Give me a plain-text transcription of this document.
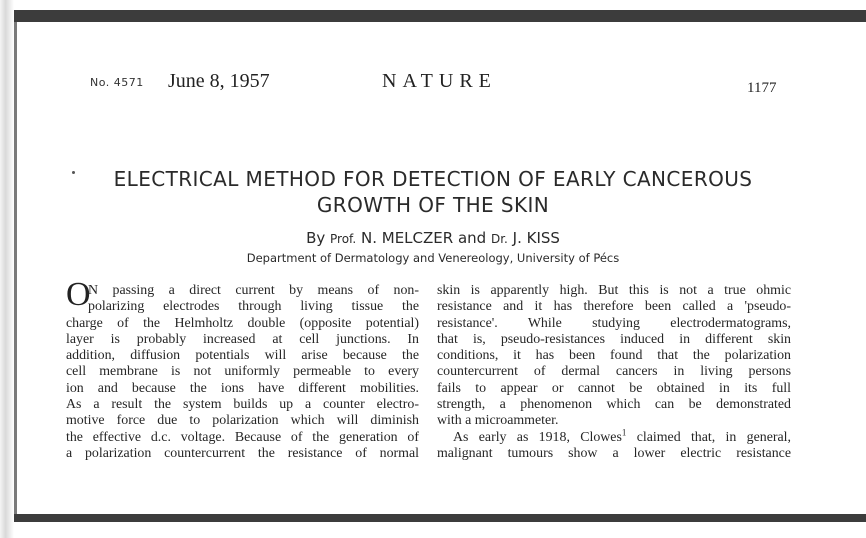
No. 4571 June 8, 1957	NATURE	1177
ELECTRICAL METHOD FOR DETECTION OF EARLY CANCEROUS
GROWTH OF THE SKIN
By Prof. N. MELCZER and Dr. J. KISS
Department of Dermatology and Venereology, University of Pécs
O
N passing a direct current by means of non-
polarizing electrodes through living tissue the
charge of the Helmholtz double (opposite potential)
layer is probably increased at cell junctions. In
addition, diffusion potentials will arise because the
cell membrane is not uniformly permeable to every
ion and because the ions have different mobilities.
As a result the system builds up a counter electro-
motive force due to polarization which will diminish
the effective d.c. voltage. Because of the generation of
a polarization countercurrent the resistance of normal
skin is apparently high. But this is not a true ohmic
resistance and it has therefore been called a 'pseudo-
resistance'. While studying electrodermatograms,
that is, pseudo-resistances induced in different skin
conditions, it has been found that the polarization
countercurrent of dermal cancers in living persons
fails to appear or cannot be obtained in its full
strength, a phenomenon which can be demonstrated
with a microammeter.
As early as 1918, Clowes$^1$ claimed that, in general,
malignant tumours show a lower electric resistance
